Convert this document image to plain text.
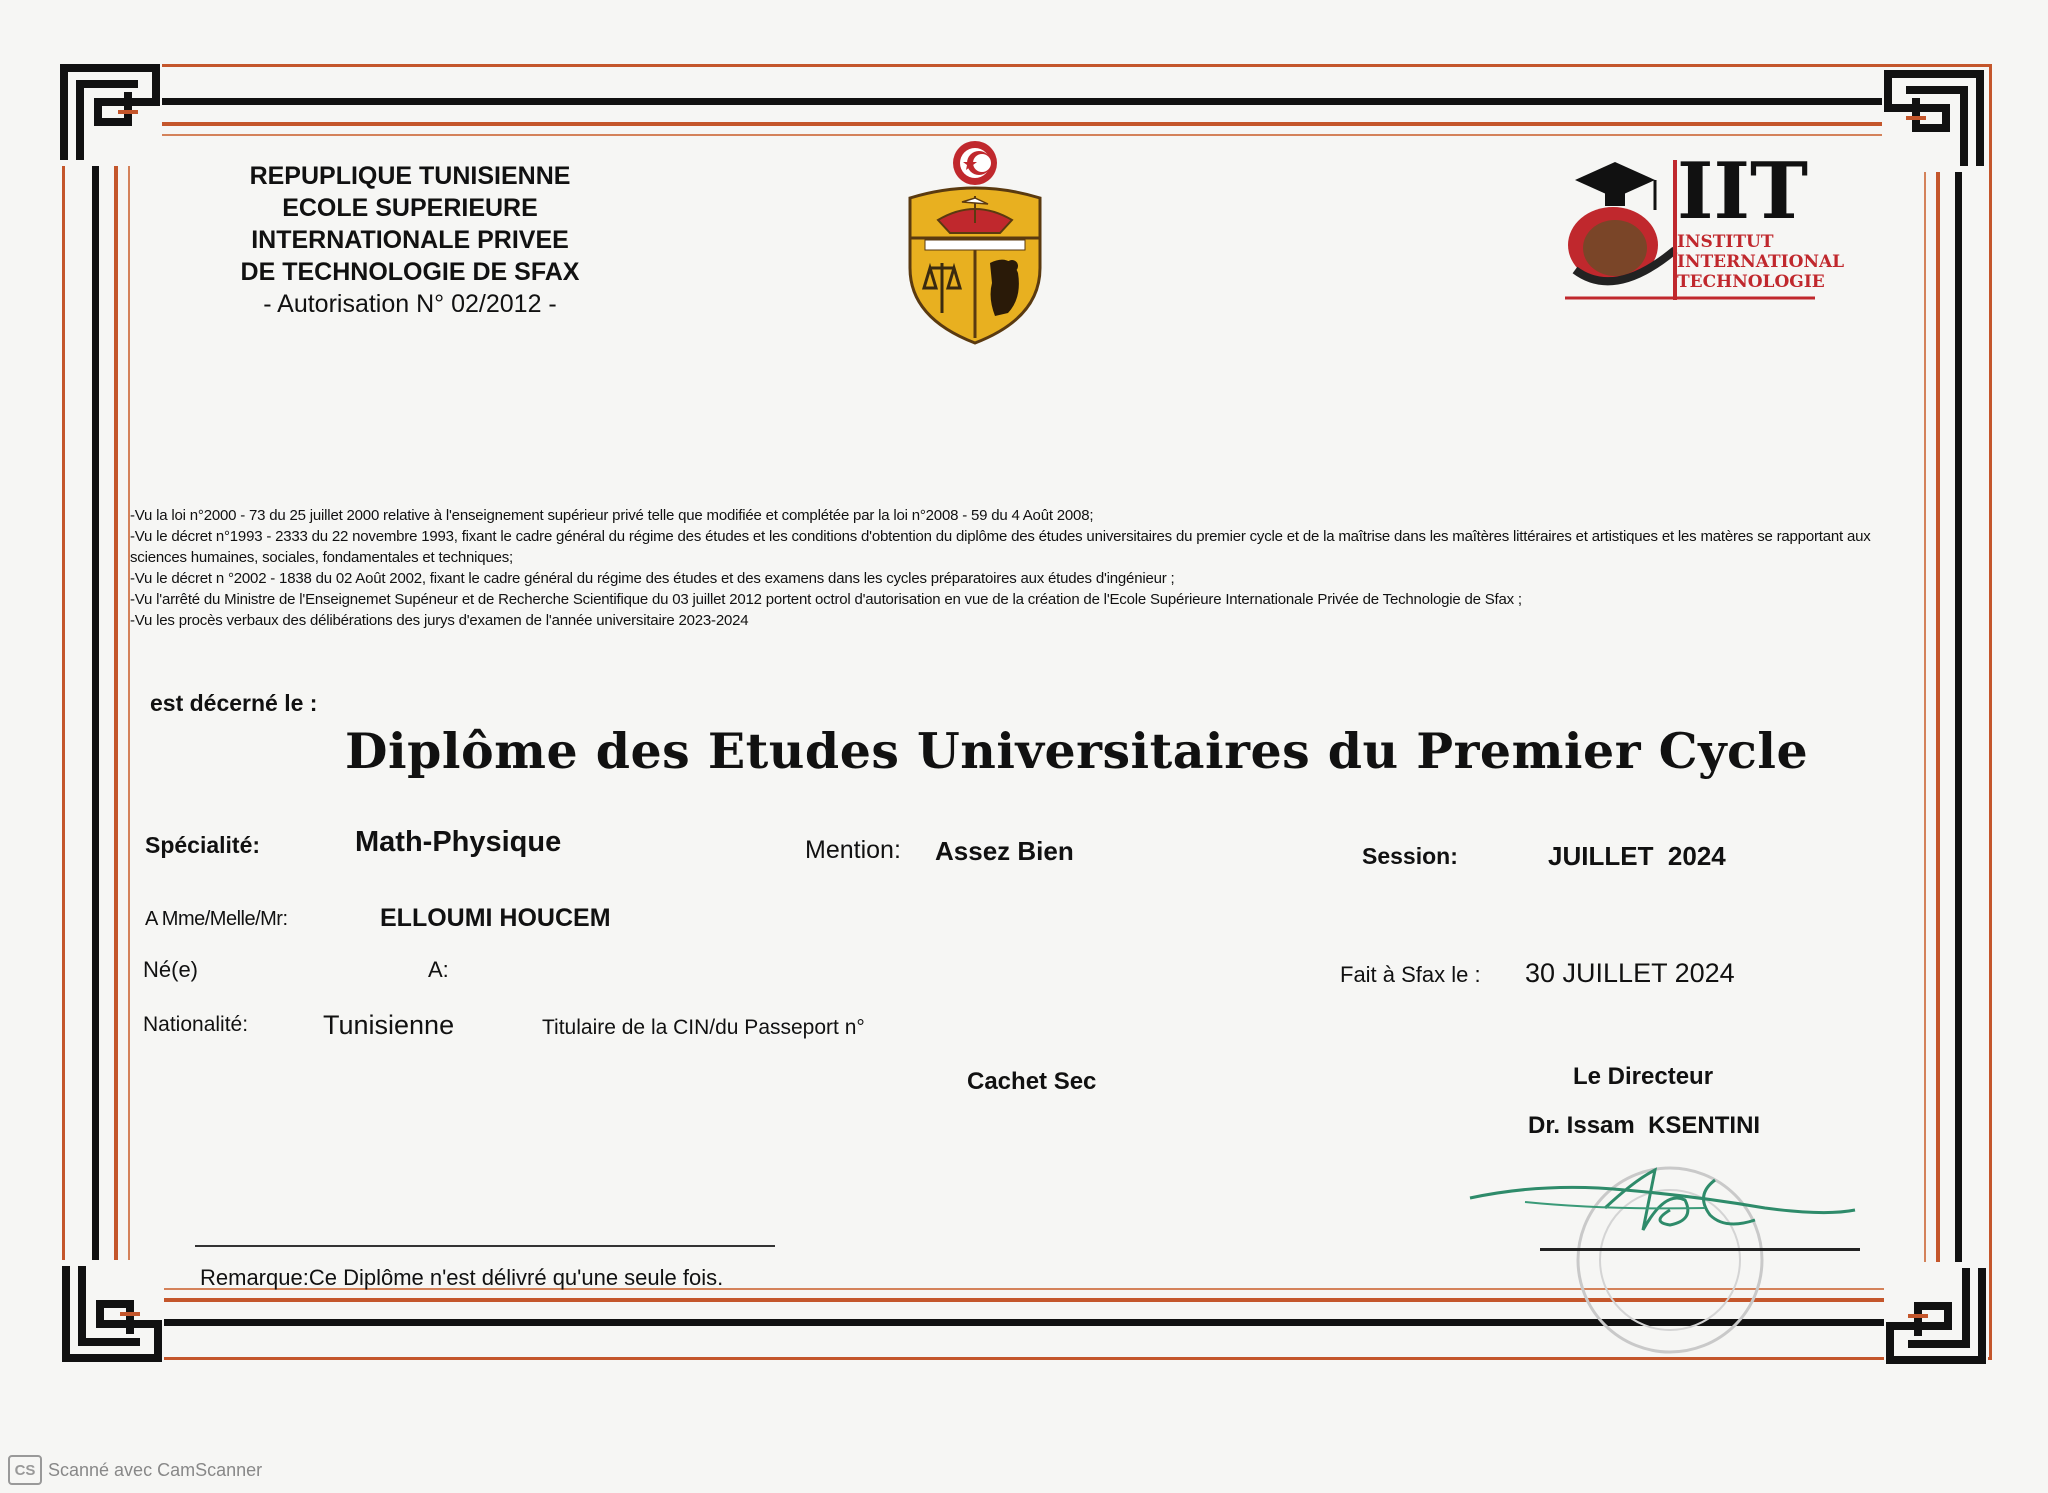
REPUPLIQUE TUNISIENNE
ECOLE SUPERIEURE
INTERNATIONALE PRIVEE
DE TECHNOLOGIE DE SFAX
- Autorisation N° 02/2012 -
IIT
INSTITUT
INTERNATIONAL
TECHNOLOGIE

-Vu la loi n°2000 - 73 du 25 juillet 2000 relative à l'enseignement supérieur privé telle que modifiée et complétée par la loi n°2008 - 59 du 4 Août 2008;

-Vu le décret n°1993 - 2333 du 22 novembre 1993, fixant le cadre général du régime des études et les conditions d'obtention du diplôme des études universitaires du premier cycle et de la maîtrise dans les maîtères littéraires et artistiques et les matères se rapportant aux sciences humaines, sociales, fondamentales et techniques;

-Vu le décret n °2002 - 1838 du 02 Août 2002, fixant le cadre général du régime des études et des examens dans les cycles préparatoires aux études d'ingénieur ;

-Vu l'arrêté du Ministre de l'Enseignemet Supéneur et de Recherche Scientifique du 03 juillet 2012 portent octrol d'autorisation en vue de la création de l'Ecole Supérieure Internationale Privée de Technologie de Sfax ;

-Vu les procès verbaux des délibérations des jurys d'examen de l'année universitaire 2023-2024

est décerné le :
Diplôme des Etudes Universitaires du Premier Cycle
Spécialité:	Math-Physique	Mention: Assez Bien	Session:	JUILLET  2024
A Mme/Melle/Mr:	ELLOUMI HOUCEM
Né(e)	A:	Fait à Sfax le : 30 JUILLET 2024
Nationalité:	Tunisienne	Titulaire de la CIN/du Passeport n°
Cachet Sec	Le Directeur
Dr. Issam  KSENTINI
Remarque:Ce Diplôme n'est délivré qu'une seule fois.
CS Scanné avec CamScanner
